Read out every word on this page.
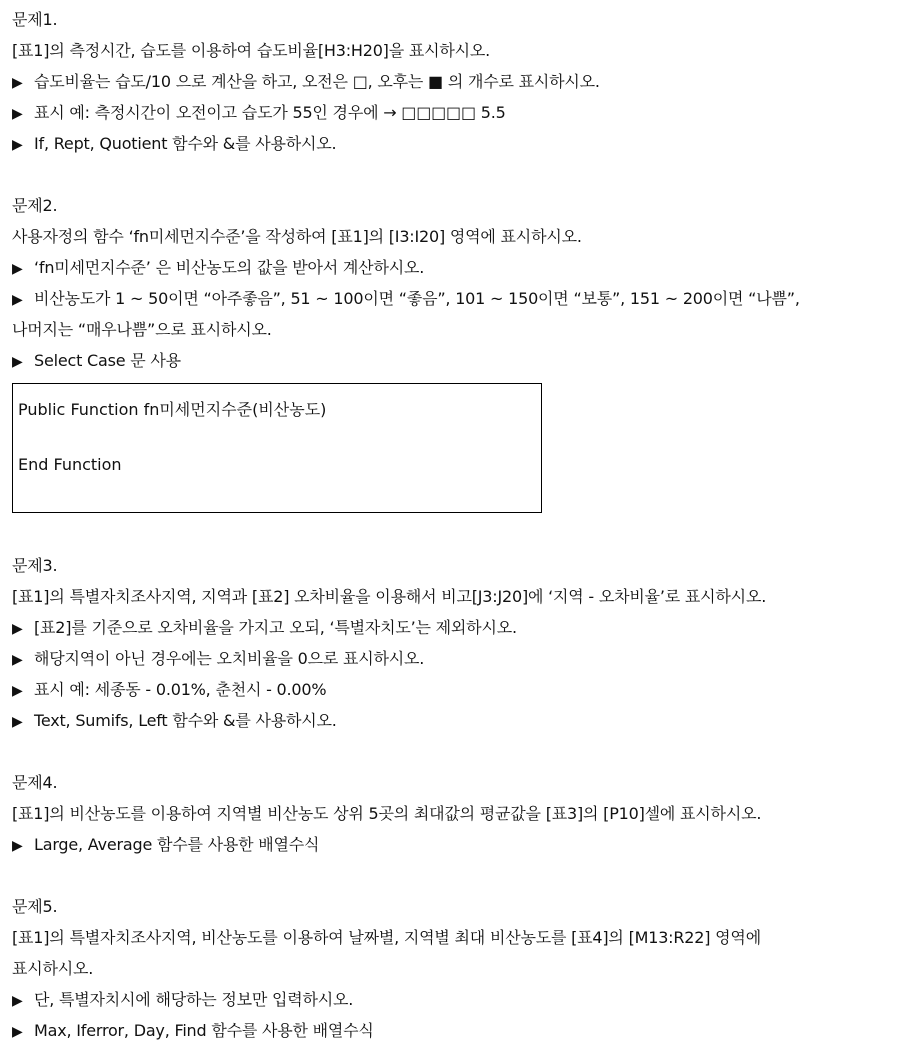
문제1.
[표1]의 측정시간, 습도를 이용하여 습도비율[H3:H20]을 표시하시오.
▶ 습도비율는 습도/10 으로 계산을 하고, 오전은 □, 오후는 ■ 의 개수로 표시하시오.
▶ 표시 예: 측정시간이 오전이고 습도가 55인 경우에 → □□□□□ 5.5
▶ If, Rept, Quotient 함수와 &를 사용하시오.
문제2.
사용자정의 함수 ‘fn미세먼지수준’을 작성하여 [표1]의 [I3:I20] 영역에 표시하시오.
▶ ‘fn미세먼지수준’ 은 비산농도의 값을 받아서 계산하시오.
▶ 비산농도가 1 ~ 50이면 “아주좋음”, 51 ~ 100이면 “좋음”, 101 ~ 150이면 “보통”, 151 ~ 200이면 “나쁨”,
나머지는 “매우나쁨”으로 표시하시오.
▶ Select Case 문 사용
Public Function fn미세먼지수준(비산농도)
End Function
문제3.
[표1]의 특별자치조사지역, 지역과 [표2] 오차비율을 이용해서 비고[J3:J20]에 ‘지역 - 오차비율’로 표시하시오.
▶ [표2]를 기준으로 오차비율을 가지고 오되, ‘특별자치도’는 제외하시오.
▶ 해당지역이 아닌 경우에는 오치비율을 0으로 표시하시오.
▶ 표시 예: 세종동 - 0.01%, 춘천시 - 0.00%
▶ Text, Sumifs, Left 함수와 &를 사용하시오.
문제4.
[표1]의 비산농도를 이용하여 지역별 비산농도 상위 5곳의 최대값의 평균값을 [표3]의 [P10]셀에 표시하시오.
▶ Large, Average 함수를 사용한 배열수식
문제5.
[표1]의 특별자치조사지역, 비산농도를 이용하여 날짜별, 지역별 최대 비산농도를 [표4]의 [M13:R22] 영역에
표시하시오.
▶ 단, 특별자치시에 해당하는 정보만 입력하시오.
▶ Max, Iferror, Day, Find 함수를 사용한 배열수식
